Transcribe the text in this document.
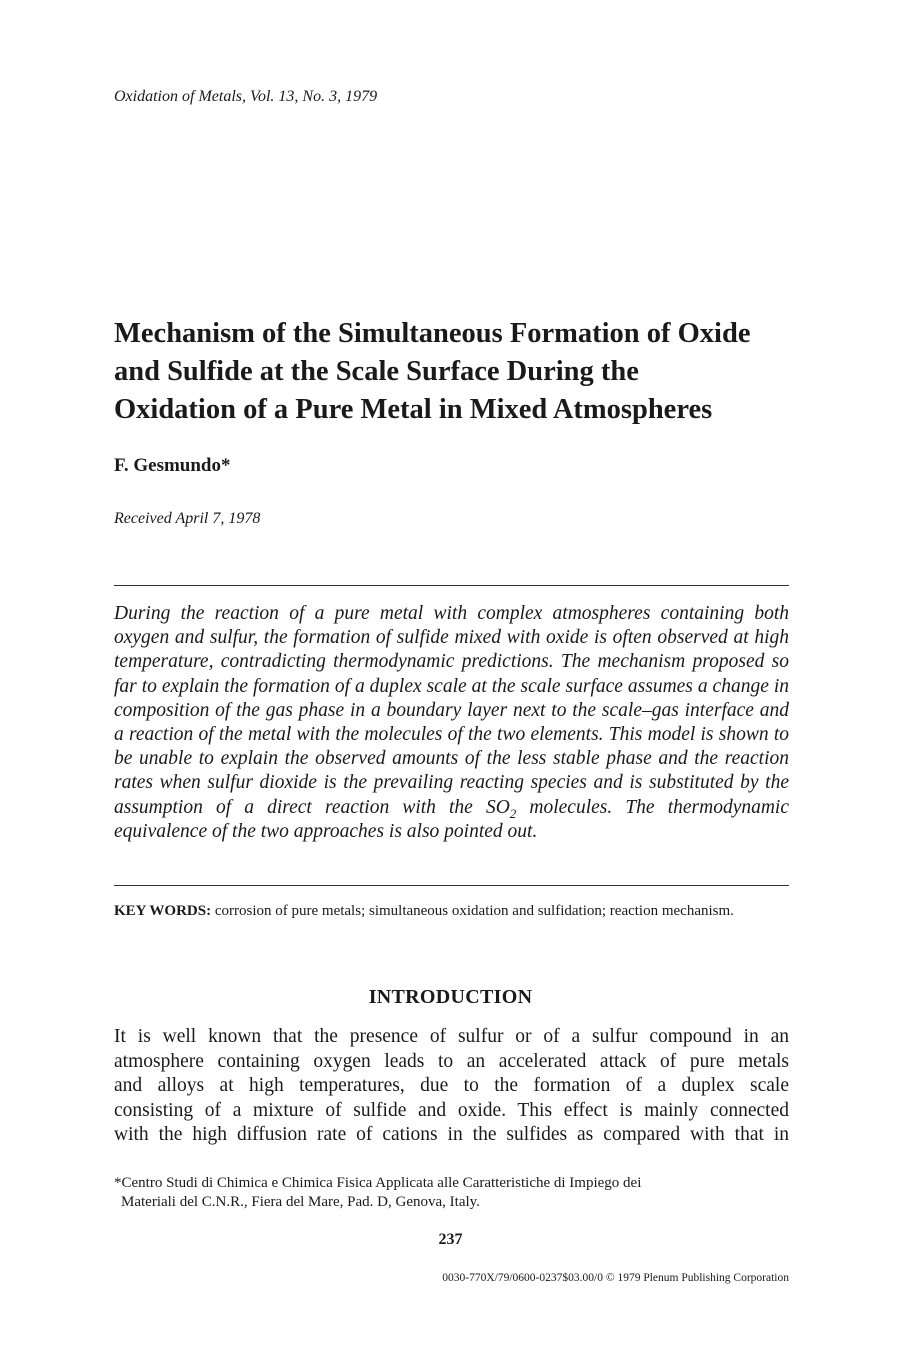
Oxidation of Metals, Vol. 13, No. 3, 1979
Mechanism of the Simultaneous Formation of Oxide
and Sulfide at the Scale Surface During the
Oxidation of a Pure Metal in Mixed Atmospheres
F. Gesmundo*
Received April 7, 1978

During the reaction of a pure metal with complex atmospheres containing both oxygen and sulfur, the formation of sulfide mixed with oxide is often observed at high temperature, contradicting thermodynamic predictions. The mechanism proposed so far to explain the formation of a duplex scale at the scale surface assumes a change in composition of the gas phase in a boundary layer next to the scale–gas interface and a reaction of the metal with the molecules of the two elements. This model is shown to be unable to explain the observed amounts of the less stable phase and the reaction rates when sulfur dioxide is the prevailing reacting species and is substituted by the assumption of a direct reaction with the $SO_2$ molecules. The thermodynamic equivalence of the two approaches is also pointed out.

KEY WORDS: corrosion of pure metals; simultaneous oxidation and sulfidation; reaction mechanism.

INTRODUCTION

It is well known that the presence of sulfur or of a sulfur compound in an
atmosphere containing oxygen leads to an accelerated attack of pure metals
and alloys at high temperatures, due to the formation of a duplex scale
consisting of a mixture of sulfide and oxide. This effect is mainly connected
with the high diffusion rate of cations in the sulfides as compared with that in

*Centro Studi di Chimica e Chimica Fisica Applicata alle Caratteristiche di Impiego dei
Materiali del C.N.R., Fiera del Mare, Pad. D, Genova, Italy.

237
0030-770X/79/0600-0237$03.00/0 © 1979 Plenum Publishing Corporation
